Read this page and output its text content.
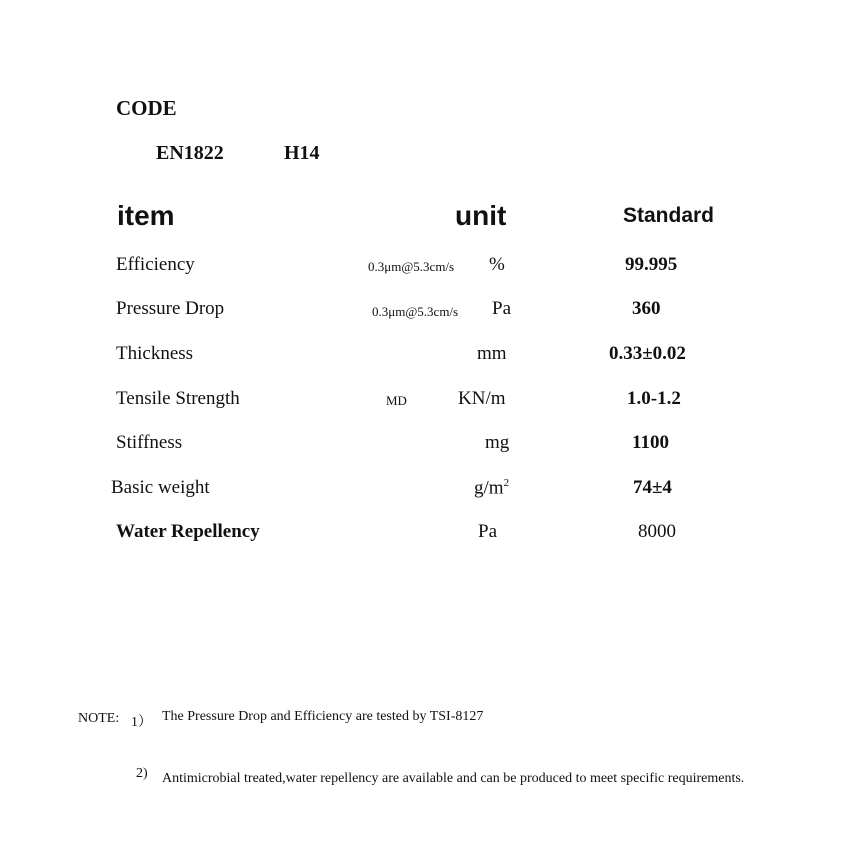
CODE
EN1822	H14
item	unit	Standard
Efficiency	0.3μm@5.3cm/s %	99.995
Pressure Drop	0.3μm@5.3cm/s Pa	360
Thickness	mm	0.33±0.02
Tensile Strength	MD	KN/m	1.0-1.2
Stiffness	mg	1100
Basic weight	$g/m^2$	74±4
Water Repellency	Pa	8000
NOTE: 1） The Pressure Drop and Efficiency are tested by TSI-8127
2) Antimicrobial treated,water repellency are available and can be produced to meet specific requirements.
